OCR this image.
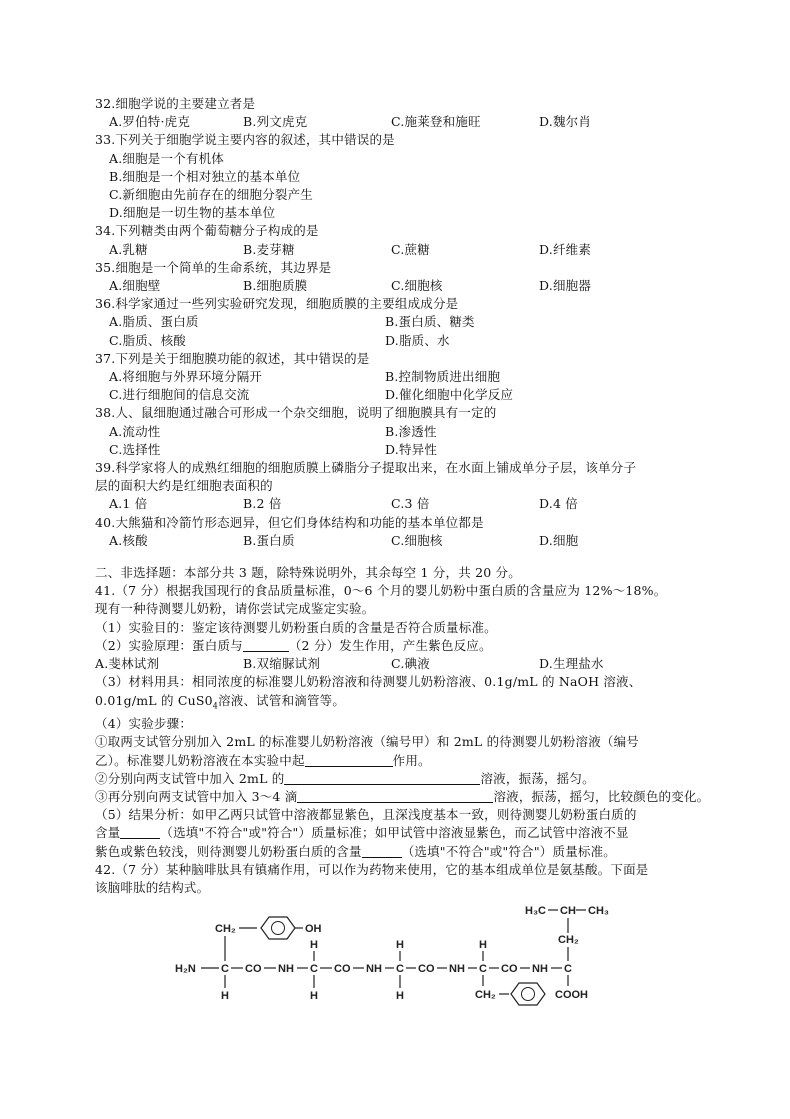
32.细胞学说的主要建立者是
A.罗伯特·虎克	B.列文虎克	C.施莱登和施旺	D.魏尔肖
33.下列关于细胞学说主要内容的叙述，其中错误的是
A.细胞是一个有机体
B.细胞是一个相对独立的基本单位
C.新细胞由先前存在的细胞分裂产生
D.细胞是一切生物的基本单位
34.下列糖类由两个葡萄糖分子构成的是
A.乳糖	B.麦芽糖	C.蔗糖	D.纤维素
35.细胞是一个简单的生命系统，其边界是
A.细胞壁	B.细胞质膜	C.细胞核	D.细胞器
36.科学家通过一些列实验研究发现，细胞质膜的主要组成成分是
A.脂质、蛋白质	B.蛋白质、糖类
C.脂质、核酸	D.脂质、水
37.下列是关于细胞膜功能的叙述，其中错误的是
A.将细胞与外界环境分隔开	B.控制物质进出细胞
C.进行细胞间的信息交流	D.催化细胞中化学反应
38.人、鼠细胞通过融合可形成一个杂交细胞，说明了细胞膜具有一定的
A.流动性	B.渗透性
C.选择性	D.特异性
39.科学家将人的成熟红细胞的细胞质膜上磷脂分子提取出来，在水面上铺成单分子层，该单分子
层的面积大约是红细胞表面积的
A.1 倍	B.2 倍	C.3 倍	D.4 倍
40.大熊猫和冷箭竹形态迥异，但它们身体结构和功能的基本单位都是
A.核酸	B.蛋白质	C.细胞核	D.细胞
二、非选择题：本部分共 3 题，除特殊说明外，其余每空 1 分，共 20 分。
41.（7 分）根据我国现行的食品质量标准，0～6 个月的婴儿奶粉中蛋白质的含量应为 12%～18%。
现有一种待测婴儿奶粉，请你尝试完成鉴定实验。
（1）实验目的：鉴定该待测婴儿奶粉蛋白质的含量是否符合质量标准。
（2）实验原理：蛋白质与	（2 分）发生作用，产生紫色反应。
A.斐林试剂	B.双缩脲试剂	C.碘液	D.生理盐水
（3）材料用具：相同浓度的标准婴儿奶粉溶液和待测婴儿奶粉溶液、0.1g/mL 的 NaOH 溶液、
0.01g/mL 的 $CuS0_4$溶液、试管和滴管等。
（4）实验步骤：
①取两支试管分别加入 2mL 的标准婴儿奶粉溶液（编号甲）和 2mL 的待测婴儿奶粉溶液（编号
乙）。标准婴儿奶粉溶液在本实验中起	作用。
②分别向两支试管中加入 2mL 的	溶液，振荡，摇匀。
③再分别向两支试管中加入 3～4 滴	溶液，振荡，摇匀，比较颜色的变化。
（5）结果分析：如甲乙两只试管中溶液都显紫色，且深浅度基本一致，则待测婴儿奶粉蛋白质的
含量	（选填"不符合"或"符合"）质量标准；如甲试管中溶液显紫色，而乙试管中溶液不显
紫色或紫色较浅，则待测婴儿奶粉蛋白质的含量	（选填"不符合"或"符合"）质量标准。
42.（7 分）某种脑啡肽具有镇痛作用，可以作为药物来使用，它的基本组成单位是氨基酸。下面是
该脑啡肽的结构式。
H₂N C CO NH C CO NH C CO NH C CO NH C
H
CH₂	OH
H
H
H
H
H
CH₂	COOH
CH₂
H₃C CH CH₃
